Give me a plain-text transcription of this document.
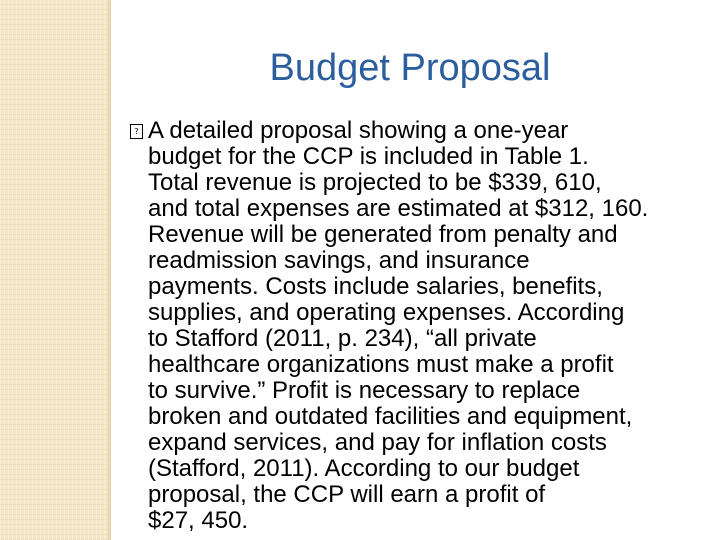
Budget Proposal
? A detailed proposal showing a one-year
budget for the CCP is included in Table 1.
Total revenue is projected to be $339, 610,
and total expenses are estimated at $312, 160.
Revenue will be generated from penalty and
readmission savings, and insurance
payments. Costs include salaries, benefits,
supplies, and operating expenses. According
to Stafford (2011, p. 234), “all private
healthcare organizations must make a profit
to survive.” Profit is necessary to replace
broken and outdated facilities and equipment,
expand services, and pay for inflation costs
(Stafford, 2011). According to our budget
proposal, the CCP will earn a profit of
$27, 450.
